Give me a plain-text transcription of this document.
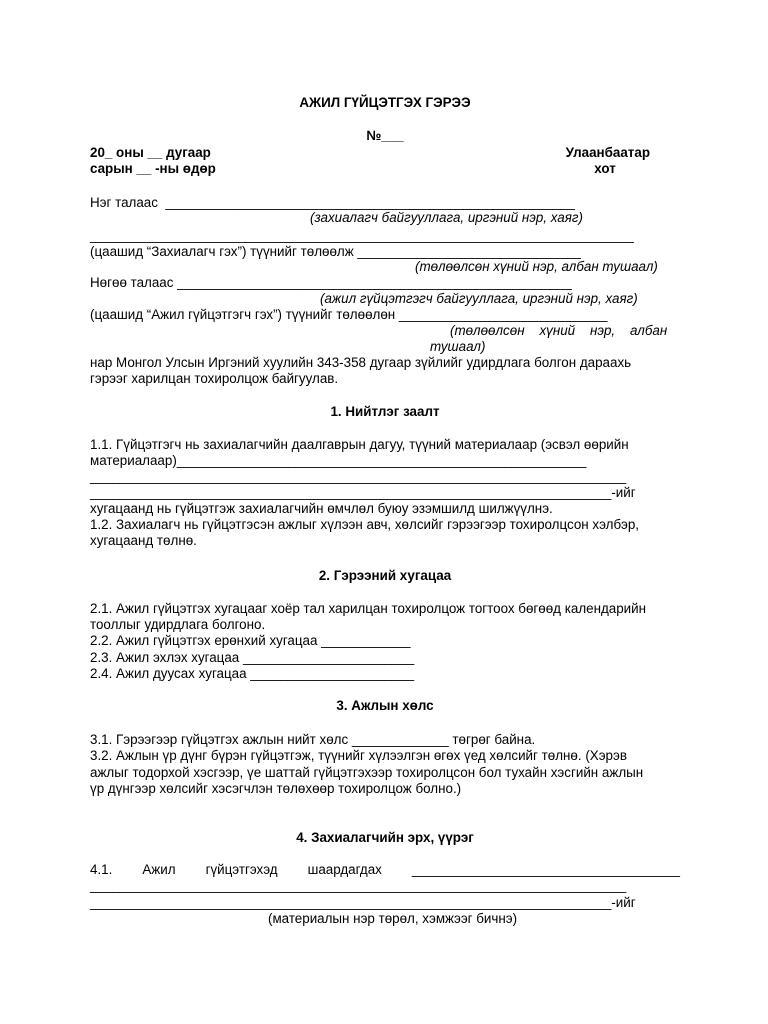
АЖИЛ ГҮЙЦЭТГЭХ ГЭРЭЭ
№___
20_ оны __ дугаар
сарын __ -ны өдөр
Улаанбаатар
хот
Нэг талаас  _______________________________________________________
(захиалагч байгууллага, иргэний нэр, хаяг)
_________________________________________________________________________
(цаашид “Захиалагч гэх”) түүнийг төлөөлж ______________________________
(төлөөлсөн хүний нэр, албан тушаал)
Нөгөө талаас _____________________________________________________
(ажил гүйцэтгэгч байгууллага, иргэний нэр, хаяг)
(цаашид “Ажил гүйцэтгэгч гэх”) түүнийг төлөөлөн ____________________________
(төлөөлсөн    хүний    нэр,    албан
тушаал)
нар Монгол Улсын Иргэний хуулийн 343-358 дугаар зүйлийг удирдлага болгон дараахь
гэрээг харилцан тохиролцож байгуулав.
1. Нийтлэг заалт
1.1. Гүйцэтгэгч нь захиалагчийн даалгаврын дагуу, түүний материалаар (эсвэл өөрийн
материалаар)_______________________________________________________
________________________________________________________________________
______________________________________________________________________-ийг
хугацаанд нь гүйцэтгэж захиалагчийн өмчлөл буюу эзэмшилд шилжүүлнэ.
1.2. Захиалагч нь гүйцэтгэсэн ажлыг хүлээн авч, хөлсийг гэрээгээр тохиролцсон хэлбэр,
хугацаанд төлнө.
2. Гэрээний хугацаа
2.1. Ажил гүйцэтгэх хугацааг хоёр тал харилцан тохиролцож тогтоох бөгөөд календарийн
тооллыг удирдлага болгоно.
2.2. Ажил гүйцэтгэх ерөнхий хугацаа ____________
2.3. Ажил эхлэх хугацаа _______________________
2.4. Ажил дуусах хугацаа ______________________
3. Ажлын хөлс
3.1. Гэрээгээр гүйцэтгэх ажлын нийт хөлс _____________ төгрөг байна.
3.2. Ажлын үр дүнг бүрэн гүйцэтгэж, түүнийг хүлээлгэн өгөх үед хөлсийг төлнө. (Хэрэв
ажлыг тодорхой хэсгээр, үе шаттай гүйцэтгэхээр тохиролцсон бол тухайн хэсгийн ажлын
үр дүнгээр хөлсийг хэсэгчлэн төлөхөөр тохиролцож болно.)
4. Захиалагчийн эрх, үүрэг
4.1. Ажил гүйцэтгэхэд шаардагдах ____________________________________
________________________________________________________________________
______________________________________________________________________-ийг
(материалын нэр төрөл, хэмжээг бичнэ)
